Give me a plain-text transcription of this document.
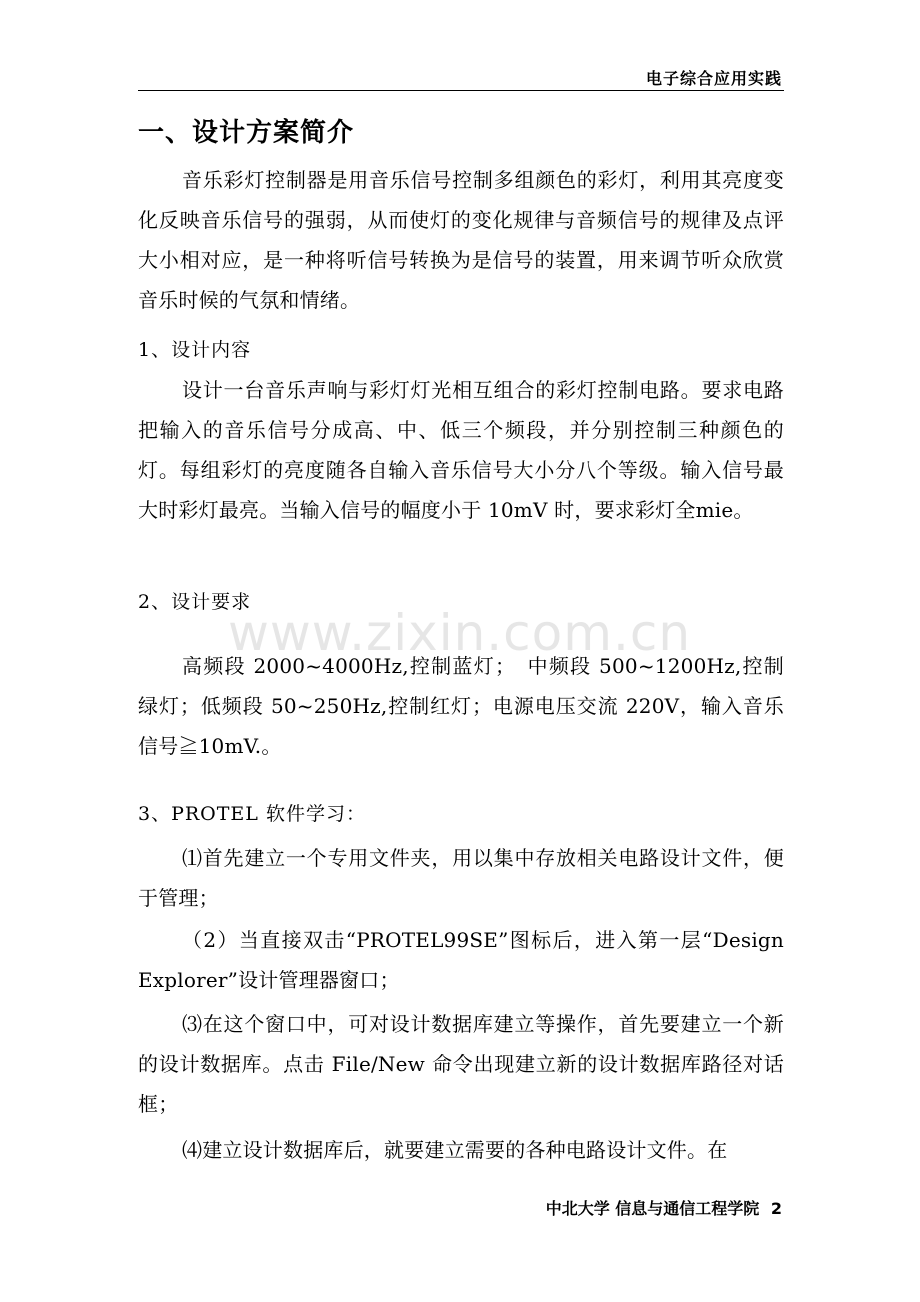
电子综合应用实践
一、设计方案简介
音乐彩灯控制器是用音乐信号控制多组颜色的彩灯，利用其亮度变化反映音乐信号的强弱，从而使灯的变化规律与音频信号的规律及点评大小相对应，是一种将听信号转换为是信号的装置，用来调节听众欣赏音乐时候的气氛和情绪。
1、设计内容
设计一台音乐声响与彩灯灯光相互组合的彩灯控制电路。要求电路把输入的音乐信号分成高、中、低三个频段，并分别控制三种颜色的灯。每组彩灯的亮度随各自输入音乐信号大小分八个等级。输入信号最大时彩灯最亮。当输入信号的幅度小于 10mV 时，要求彩灯全mie。
2、设计要求
高频段 2000~4000Hz,控制蓝灯；　中频段 500~1200Hz,控制绿灯；低频段 50~250Hz,控制红灯；电源电压交流 220V，输入音乐信号≧10mV.。
www.zixin.com.cn
3、PROTEL 软件学习：
⑴首先建立一个专用文件夹，用以集中存放相关电路设计文件，便于管理；
（2）当直接双击“PROTEL99SE”图标后，进入第一层“Design Explorer”设计管理器窗口；
⑶在这个窗口中，可对设计数据库建立等操作，首先要建立一个新的设计数据库。点击 File/New 命令出现建立新的设计数据库路径对话框；
⑷建立设计数据库后，就要建立需要的各种电路设计文件。在
中北大学 信息与通信工程学院 2
